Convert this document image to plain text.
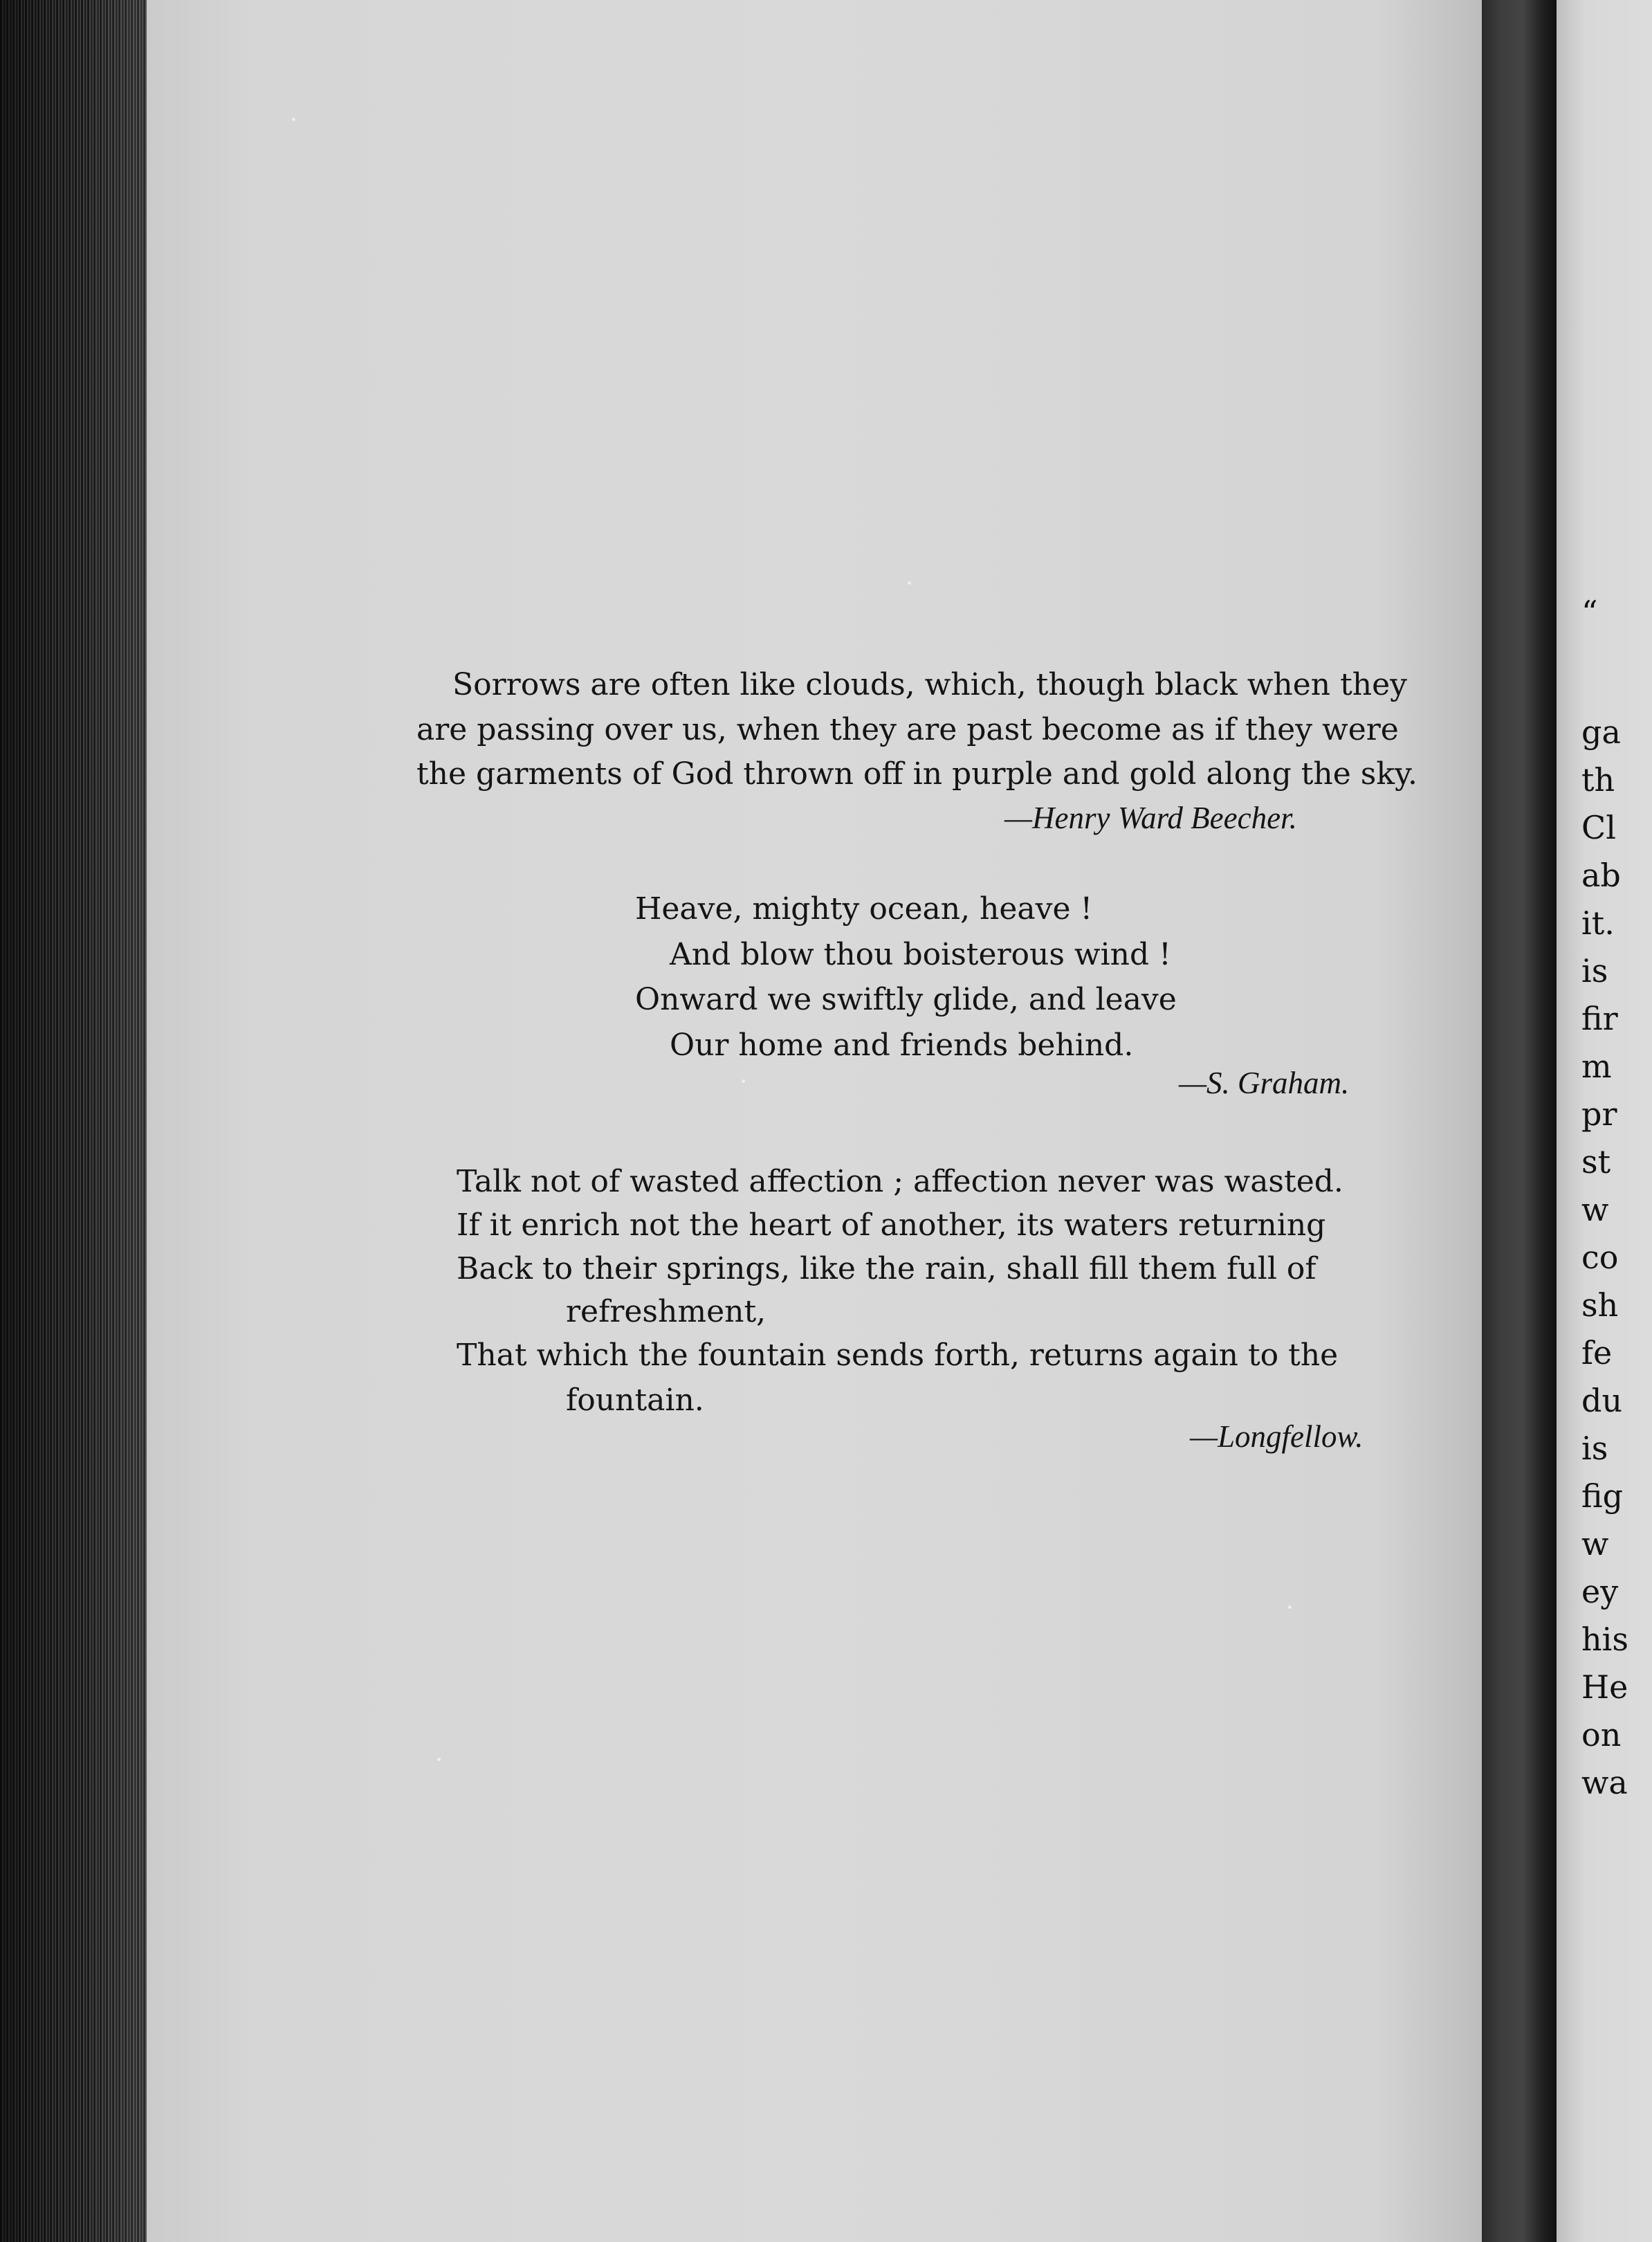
Sorrows are often like clouds, which, though black when they
are passing over us, when they are past become as if they were
the garments of God thrown off in purple and gold along the sky.
—Henry Ward Beecher.
Heave, mighty ocean, heave !
And blow thou boisterous wind !
Onward we swiftly glide, and leave
Our home and friends behind.
—S. Graham.
Talk not of wasted affection ; affection never was wasted.
If it enrich not the heart of another, its waters returning
Back to their springs, like the rain, shall fill them full of
refreshment,
That which the fountain sends forth, returns again to the
fountain.
—Longfellow.
“
ga
th
Cl
ab
it.
is
fir
m
pr
st
w
co
sh
fe
du
is
fig
w
ey
his
He
on
wa
